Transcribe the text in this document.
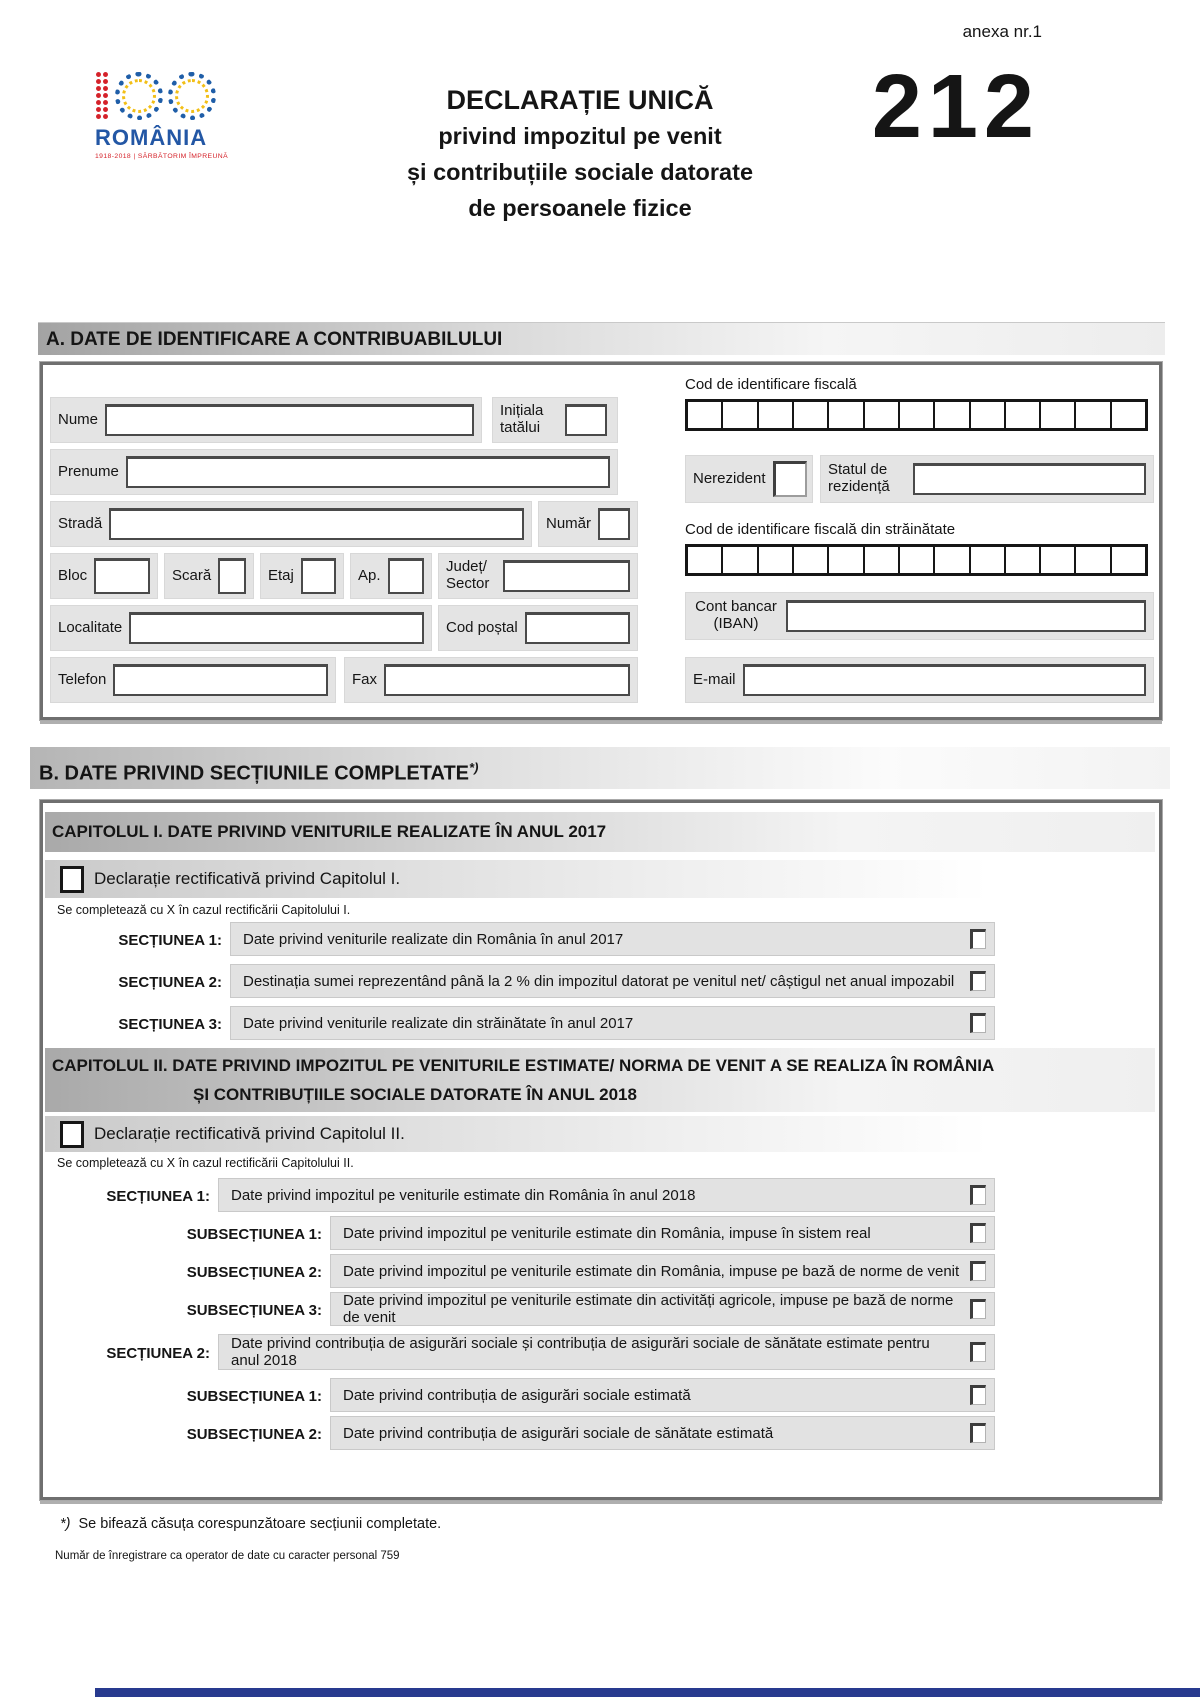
anexa nr.1
212
ROMÂNIA
1918-2018 | SĂRBĂTORIM ÎMPREUNĂ
DECLARAȚIE UNICĂ
privind impozitul pe venit
și contribuțiile sociale datorate
de persoanele fizice
A. DATE DE IDENTIFICARE A CONTRIBUABILULUI
Nume	Inițiala tatălui
Prenume
Stradă	Număr
Bloc	Scară	Etaj	Ap.	Județ/ Sector
Localitate	Cod poștal
Telefon	Fax
Cod de identificare fiscală
Nerezident	Statul de rezidență
Cod de identificare fiscală din străinătate
Cont bancar (IBAN)
E-mail
B. DATE PRIVIND SECȚIUNILE COMPLETATE*)
CAPITOLUL I. DATE PRIVIND VENITURILE REALIZATE ÎN ANUL 2017
Declarație rectificativă privind Capitolul I.
Se completează cu X în cazul rectificării Capitolului I.
SECȚIUNEA 1: Date privind veniturile realizate din România în anul 2017
SECȚIUNEA 2: Destinația sumei reprezentând până la 2 % din impozitul datorat pe venitul net/ câștigul net anual impozabil
SECȚIUNEA 3: Date privind veniturile realizate din străinătate în anul 2017
CAPITOLUL II. DATE PRIVIND IMPOZITUL PE VENITURILE ESTIMATE/ NORMA DE VENIT A SE REALIZA ÎN ROMÂNIA
ȘI CONTRIBUȚIILE SOCIALE DATORATE ÎN ANUL 2018
Declarație rectificativă privind Capitolul II.
Se completează cu X în cazul rectificării Capitolului II.
SECȚIUNEA 1: Date privind impozitul pe veniturile estimate din România în anul 2018
SUBSECȚIUNEA 1: Date privind impozitul pe veniturile estimate din România, impuse în sistem real
SUBSECȚIUNEA 2: Date privind impozitul pe veniturile estimate din România, impuse pe bază de norme de venit
SUBSECȚIUNEA 3:
Date privind impozitul pe veniturile estimate din activități agricole, impuse pe bază de norme de venit
SECȚIUNEA 2:
Date privind contribuția de asigurări sociale și contribuția de asigurări sociale de sănătate estimate pentru anul 2018
SUBSECȚIUNEA 1: Date privind contribuția de asigurări sociale estimată
SUBSECȚIUNEA 2: Date privind contribuția de asigurări sociale de sănătate estimată
*) Se bifează căsuța corespunzătoare secțiunii completate.
Număr de înregistrare ca operator de date cu caracter personal 759
